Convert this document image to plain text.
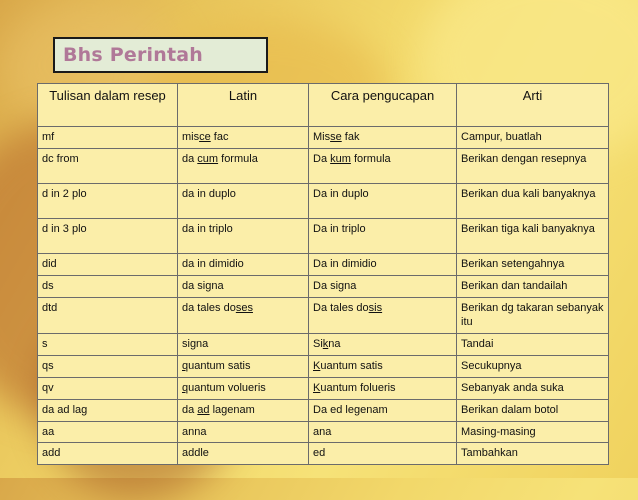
Bhs Perintah
Tulisan dalam resep	Latin	Cara pengucapan	Arti
mf	misce fac	Misse fak	Campur, buatlah
dc from	da cum formula	Da kum formula	Berikan dengan resepnya
d in 2 plo	da in duplo	Da in duplo	Berikan dua kali banyaknya
d in 3 plo	da in triplo	Da in triplo	Berikan tiga kali banyaknya
did	da in dimidio	Da in dimidio	Berikan setengahnya
ds	da signa	Da signa	Berikan dan tandailah
dtd	da tales doses	Da tales dosis	Berikan dg takaran sebanyak itu
s	signa	Sikna	Tandai
qs	quantum satis	Kuantum satis	Secukupnya
qv	quantum volueris	Kuantum folueris	Sebanyak anda suka
da ad lag	da ad lagenam	Da ed legenam	Berikan dalam botol
aa	anna	ana	Masing-masing
add	addle	ed	Tambahkan
